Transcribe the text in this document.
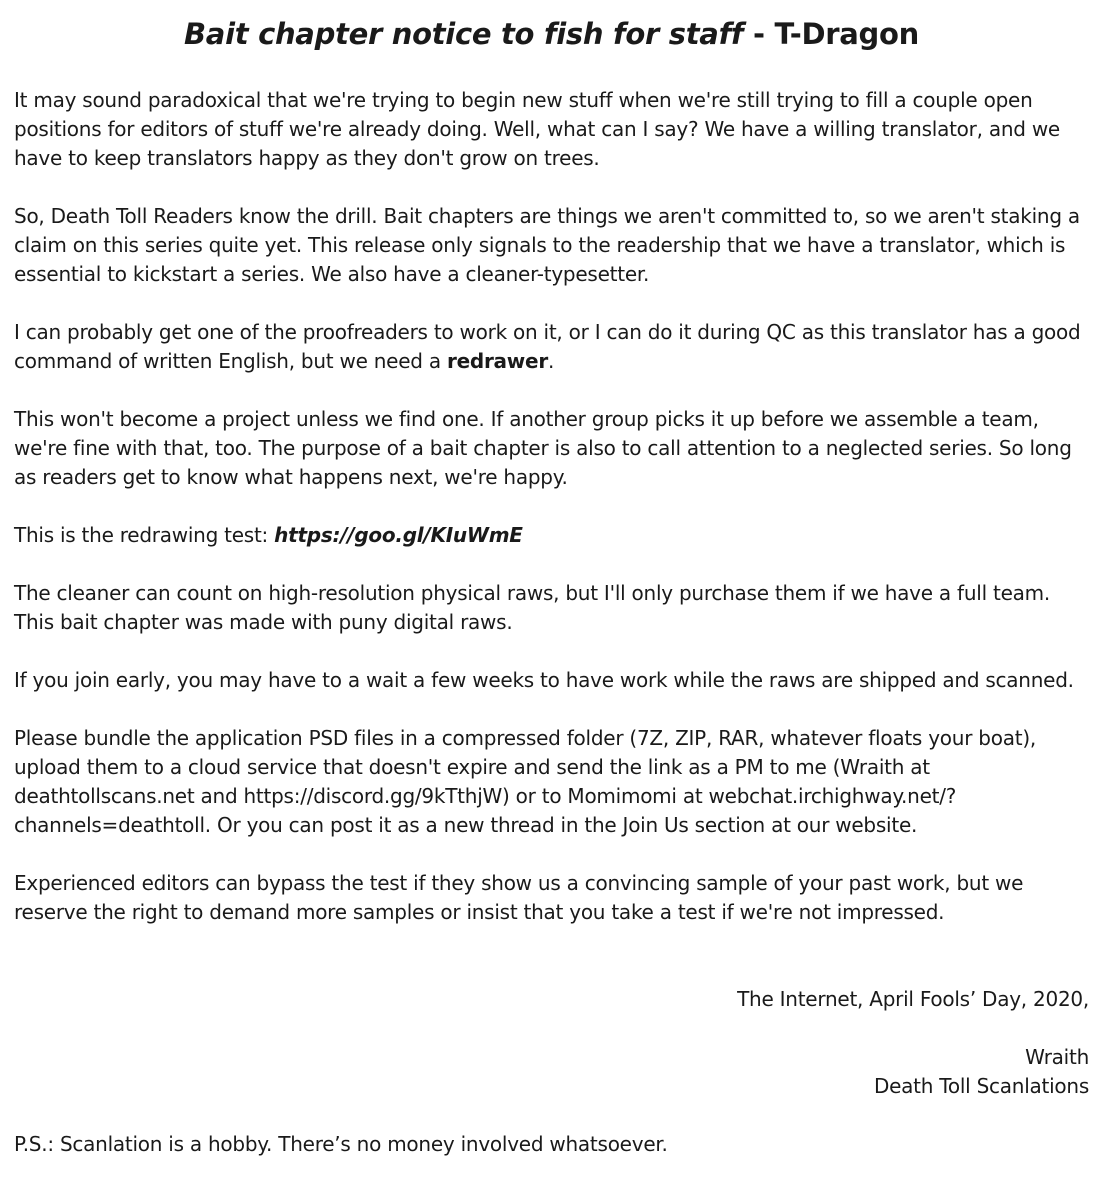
Bait chapter notice to fish for staff - T-Dragon

It may sound paradoxical that we're trying to begin new stuff when we're still trying to fill a couple open positions for editors of stuff we're already doing. Well, what can I say? We have a willing translator, and we have to keep translators happy as they don't grow on trees.

So, Death Toll Readers know the drill. Bait chapters are things we aren't committed to, so we aren't staking a claim on this series quite yet. This release only signals to the readership that we have a translator, which is essential to kickstart a series. We also have a cleaner-typesetter.

I can probably get one of the proofreaders to work on it, or I can do it during QC as this translator has a good command of written English, but we need a redrawer.

This won't become a project unless we find one. If another group picks it up before we assemble a team, we're fine with that, too. The purpose of a bait chapter is also to call attention to a neglected series. So long as readers get to know what happens next, we're happy.

This is the redrawing test: https://goo.gl/KIuWmE

The cleaner can count on high-resolution physical raws, but I'll only purchase them if we have a full team. This bait chapter was made with puny digital raws.

If you join early, you may have to a wait a few weeks to have work while the raws are shipped and scanned.

Please bundle the application PSD files in a compressed folder (7Z, ZIP, RAR, whatever floats your boat), upload them to a cloud service that doesn't expire and send the link as a PM to me (Wraith at deathtollscans.net and https://discord.gg/9kTthjW) or to Momimomi at webchat.irchighway.net/?channels=deathtoll. Or you can post it as a new thread in the Join Us section at our website.

Experienced editors can bypass the test if they show us a convincing sample of your past work, but we reserve the right to demand more samples or insist that you take a test if we're not impressed.

The Internet, April Fools’ Day, 2020,
Wraith
Death Toll Scanlations
P.S.: Scanlation is a hobby. There’s no money involved whatsoever.
